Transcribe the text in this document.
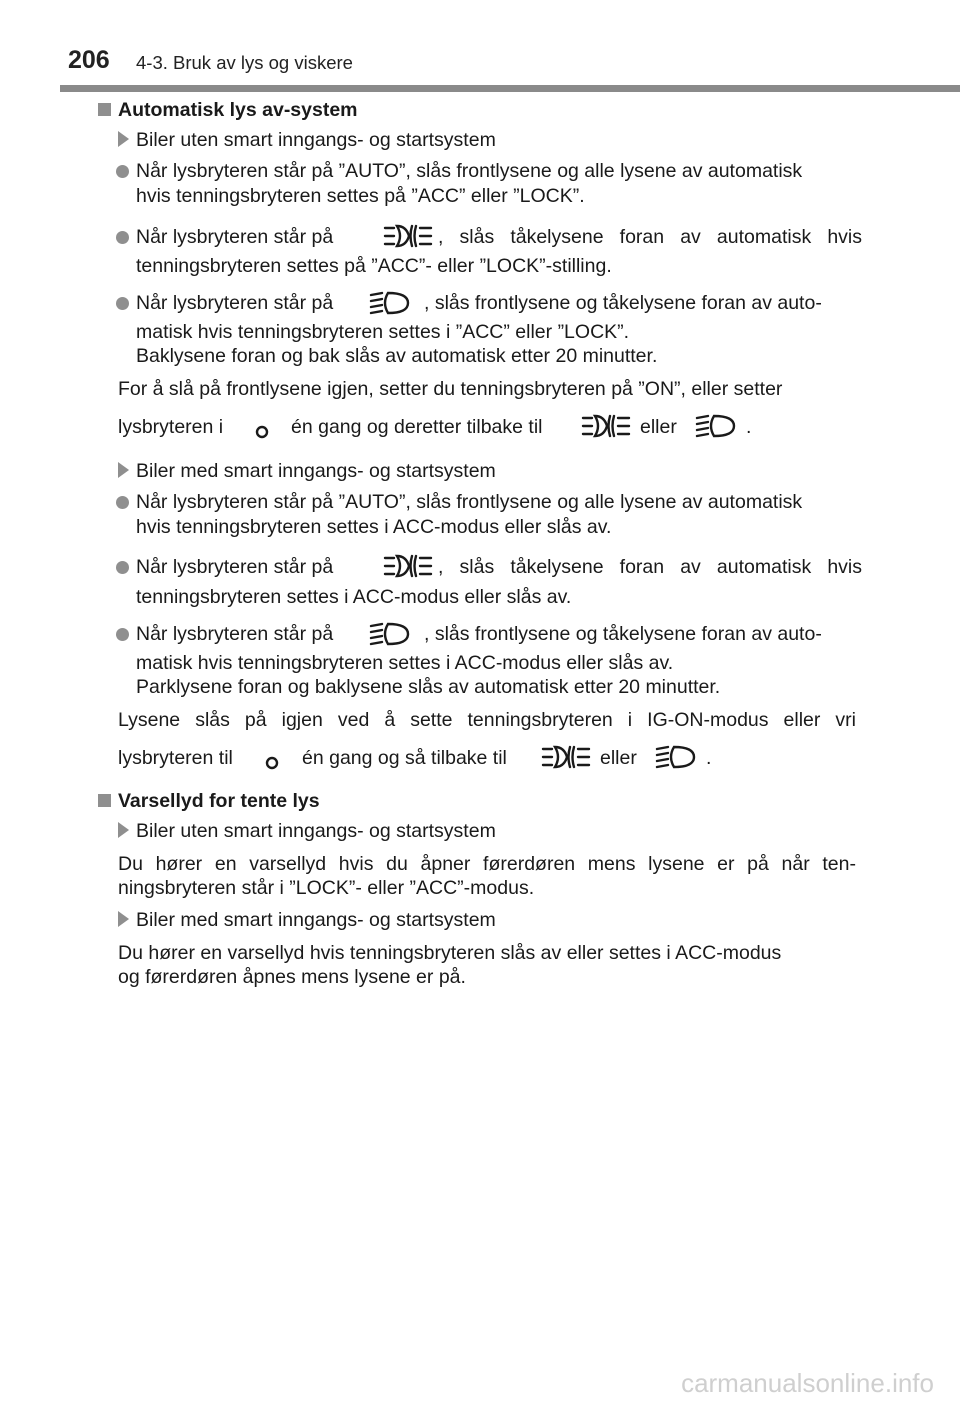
206 4-3. Bruk av lys og viskere
Automatisk lys av-system
Biler uten smart inngangs- og startsystem
Når lysbryteren står på ”AUTO”, slås frontlysene og alle lysene av automatisk
hvis tenningsbryteren settes på ”ACC” eller ”LOCK”.
Når lysbryteren står på	, slås tåkelysene foran av automatisk hvis
tenningsbryteren settes på ”ACC”- eller ”LOCK”-stilling.
Når lysbryteren står på	, slås frontlysene og tåkelysene foran av auto-
matisk hvis tenningsbryteren settes i ”ACC” eller ”LOCK”.
Baklysene foran og bak slås av automatisk etter 20 minutter.
For å slå på frontlysene igjen, setter du tenningsbryteren på ”ON”, eller setter
lysbryteren i	én gang og deretter tilbake til	eller	.
Biler med smart inngangs- og startsystem
Når lysbryteren står på ”AUTO”, slås frontlysene og alle lysene av automatisk
hvis tenningsbryteren settes i ACC-modus eller slås av.
Når lysbryteren står på	, slås tåkelysene foran av automatisk hvis
tenningsbryteren settes i ACC-modus eller slås av.
Når lysbryteren står på	, slås frontlysene og tåkelysene foran av auto-
matisk hvis tenningsbryteren settes i ACC-modus eller slås av.
Parklysene foran og baklysene slås av automatisk etter 20 minutter.
Lysene slås på igjen ved å sette tenningsbryteren i IG-ON-modus eller vri
lysbryteren til	én gang og så tilbake til	eller	.
Varsellyd for tente lys
Biler uten smart inngangs- og startsystem
Du hører en varsellyd hvis du åpner førerdøren mens lysene er på når ten-
ningsbryteren står i ”LOCK”- eller ”ACC”-modus.
Biler med smart inngangs- og startsystem
Du hører en varsellyd hvis tenningsbryteren slås av eller settes i ACC-modus
og førerdøren åpnes mens lysene er på.
carmanualsonline.info
